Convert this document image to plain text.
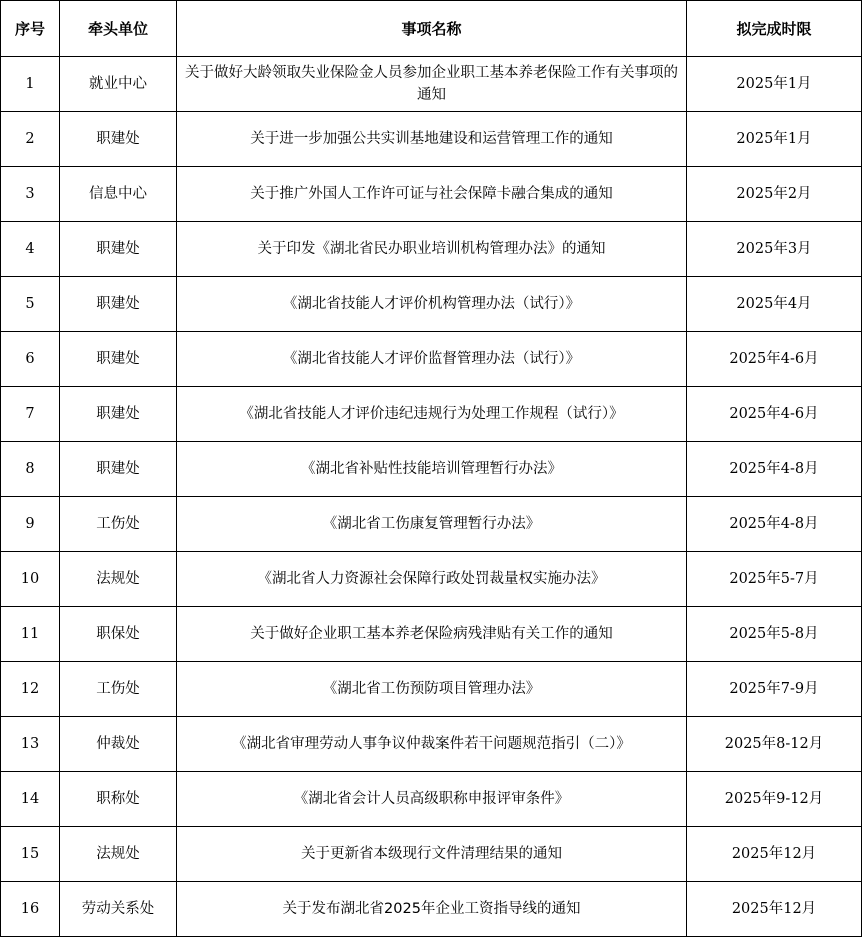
序号	牵头单位	事项名称	拟完成时限
1	就业中心	关于做好大龄领取失业保险金人员参加企业职工基本养老保险工作有关事项的通知	2025年1月
2	职建处	关于进一步加强公共实训基地建设和运营管理工作的通知	2025年1月
3	信息中心	关于推广外国人工作许可证与社会保障卡融合集成的通知	2025年2月
4	职建处	关于印发《湖北省民办职业培训机构管理办法》的通知	2025年3月
5	职建处	《湖北省技能人才评价机构管理办法（试行）》	2025年4月
6	职建处	《湖北省技能人才评价监督管理办法（试行）》	2025年4-6月
7	职建处	《湖北省技能人才评价违纪违规行为处理工作规程（试行）》	2025年4-6月
8	职建处	《湖北省补贴性技能培训管理暂行办法》	2025年4-8月
9	工伤处	《湖北省工伤康复管理暂行办法》	2025年4-8月
10	法规处	《湖北省人力资源社会保障行政处罚裁量权实施办法》	2025年5-7月
11	职保处	关于做好企业职工基本养老保险病残津贴有关工作的通知	2025年5-8月
12	工伤处	《湖北省工伤预防项目管理办法》	2025年7-9月
13	仲裁处	《湖北省审理劳动人事争议仲裁案件若干问题规范指引（二）》	2025年8-12月
14	职称处	《湖北省会计人员高级职称申报评审条件》	2025年9-12月
15	法规处	关于更新省本级现行文件清理结果的通知	2025年12月
16	劳动关系处	关于发布湖北省2025年企业工资指导线的通知	2025年12月
